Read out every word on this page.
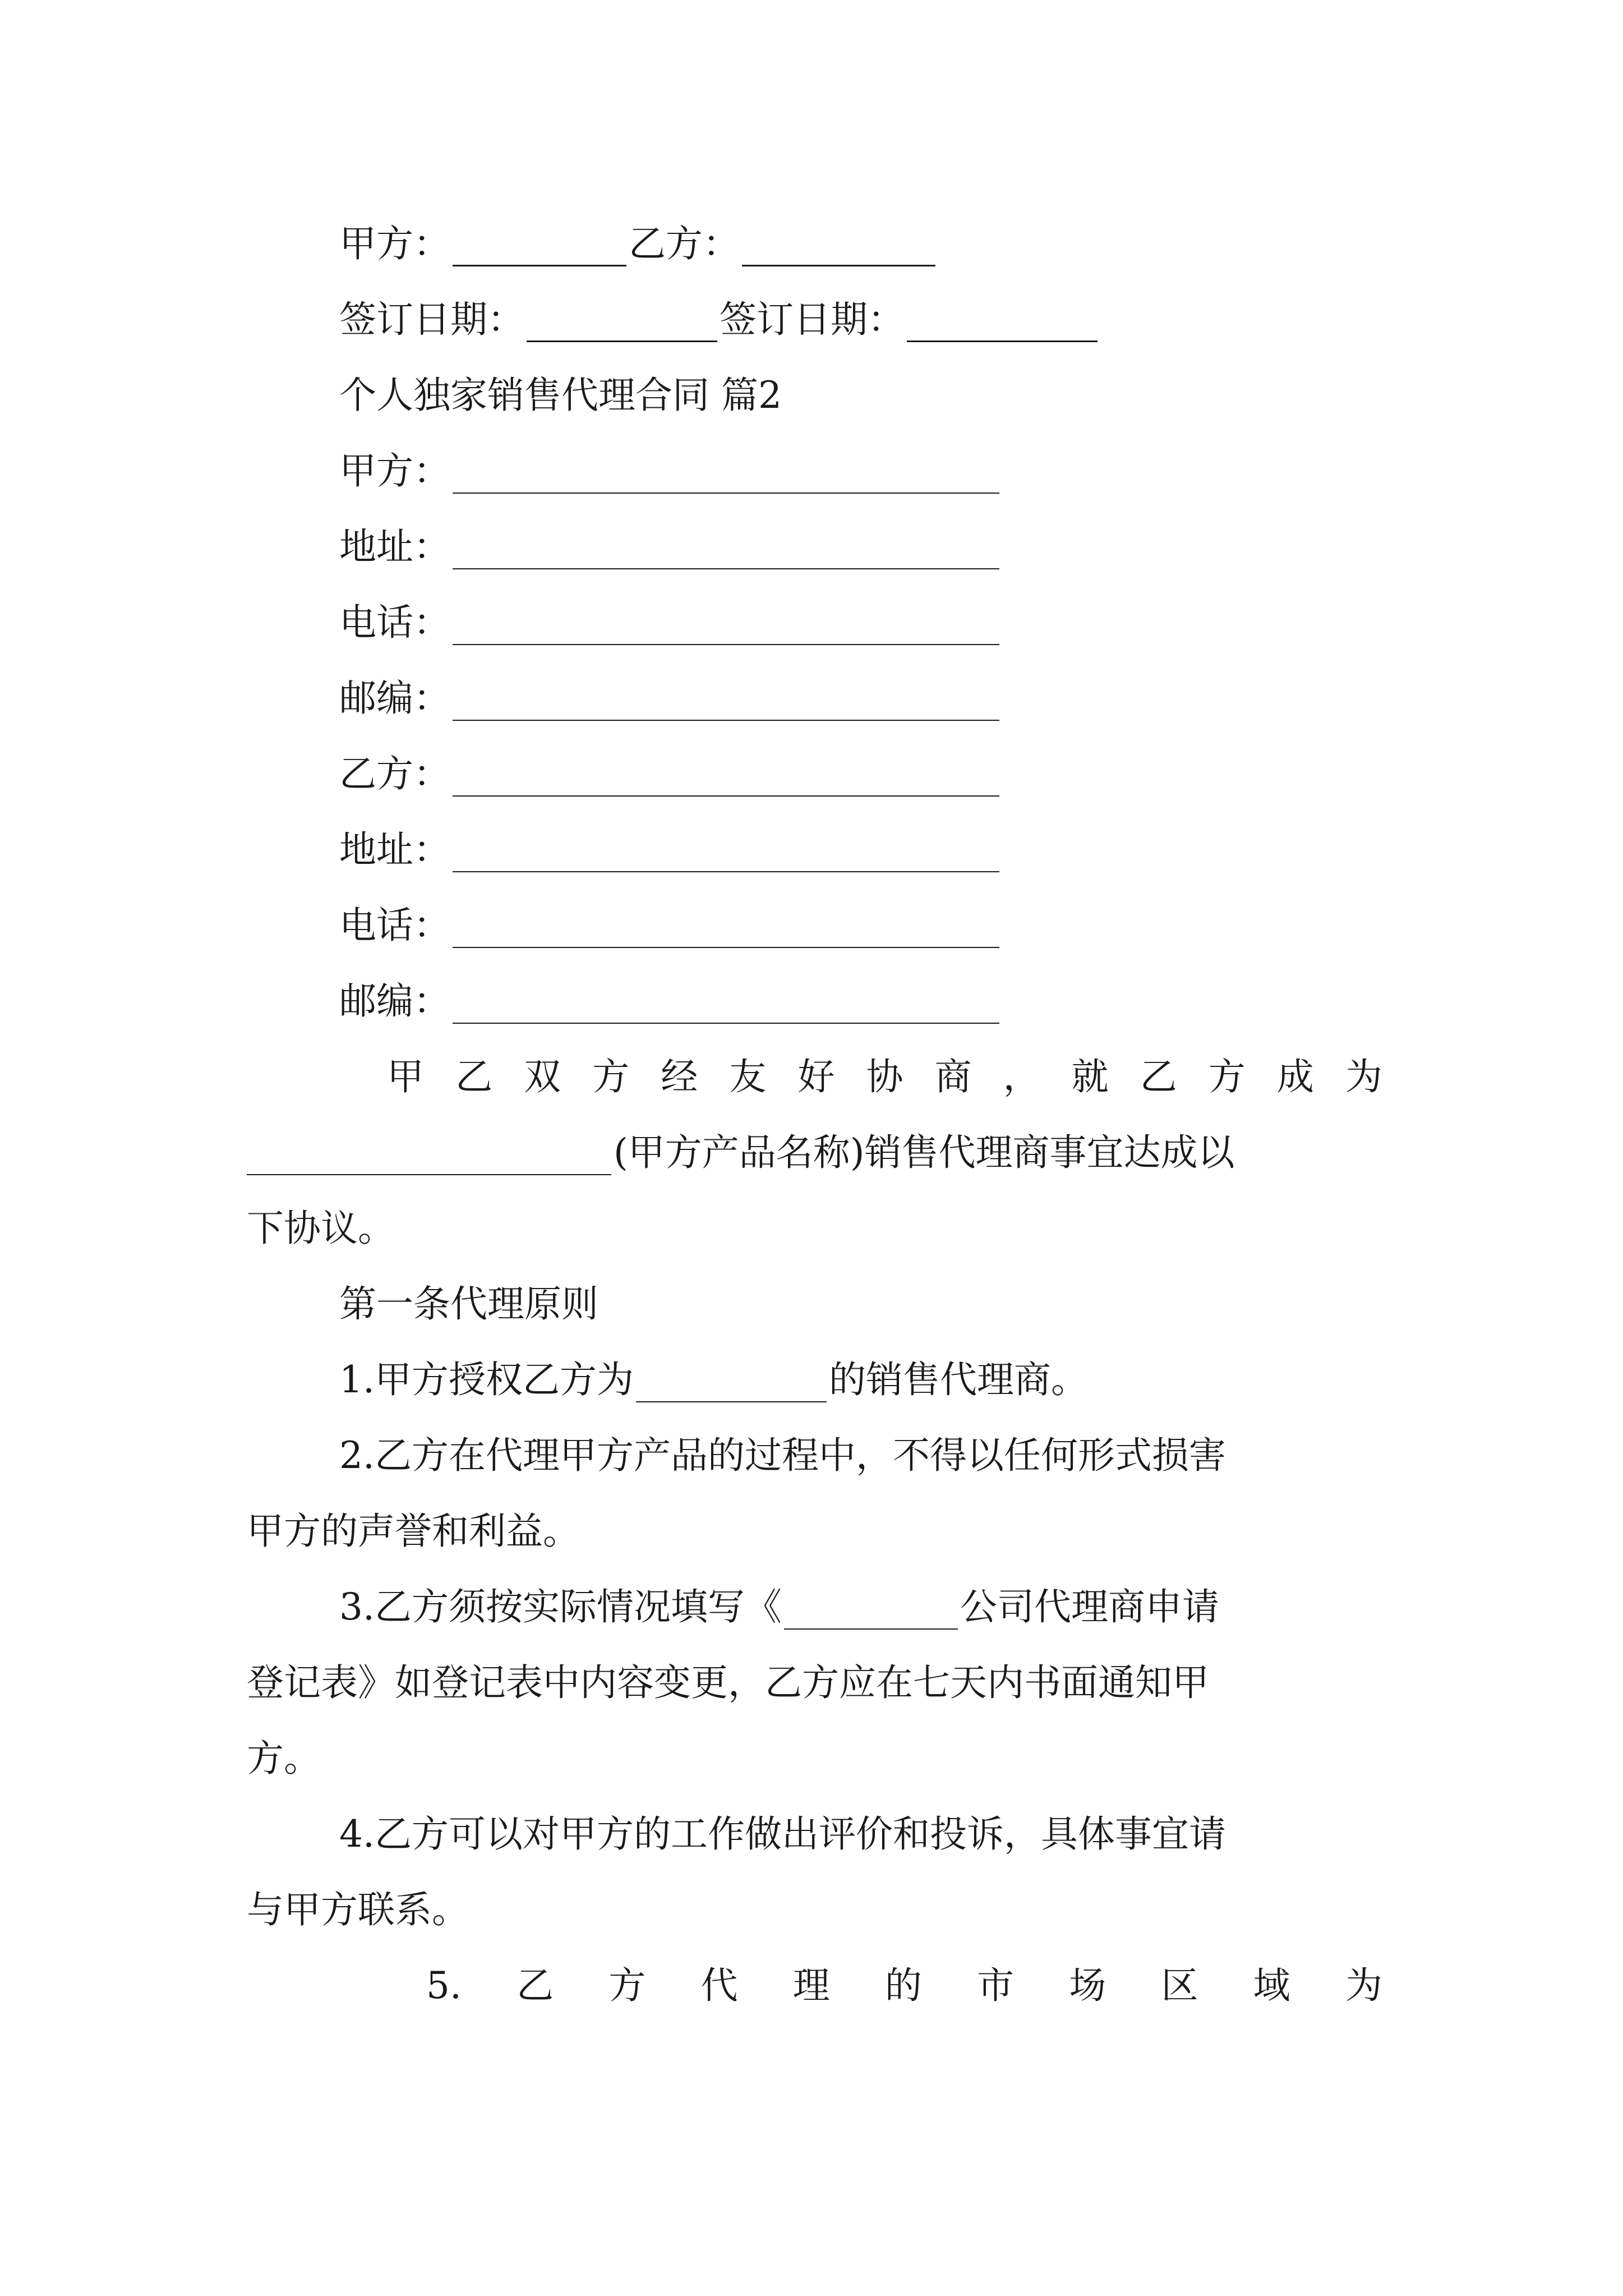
甲方：	乙方：
签订日期：	签订日期：
个人独家销售代理合同 篇2
甲方：
地址：
电话：
邮编：
乙方：
地址：
电话：
邮编：
甲 乙 双 方 经 友 好 协 商 ， 就 乙 方 成 为
(甲方产品名称)销售代理商事宜达成以
下协议。
第一条代理原则
1.甲方授权乙方为	的销售代理商。
2.乙方在代理甲方产品的过程中，不得以任何形式损害
甲方的声誉和利益。
3.乙方须按实际情况填写《	公司代理商申请
登记表》如登记表中内容变更，乙方应在七天内书面通知甲
方。
4.乙方可以对甲方的工作做出评价和投诉，具体事宜请
与甲方联系。
5. 乙 方 代 理 的 市 场 区 域 为
